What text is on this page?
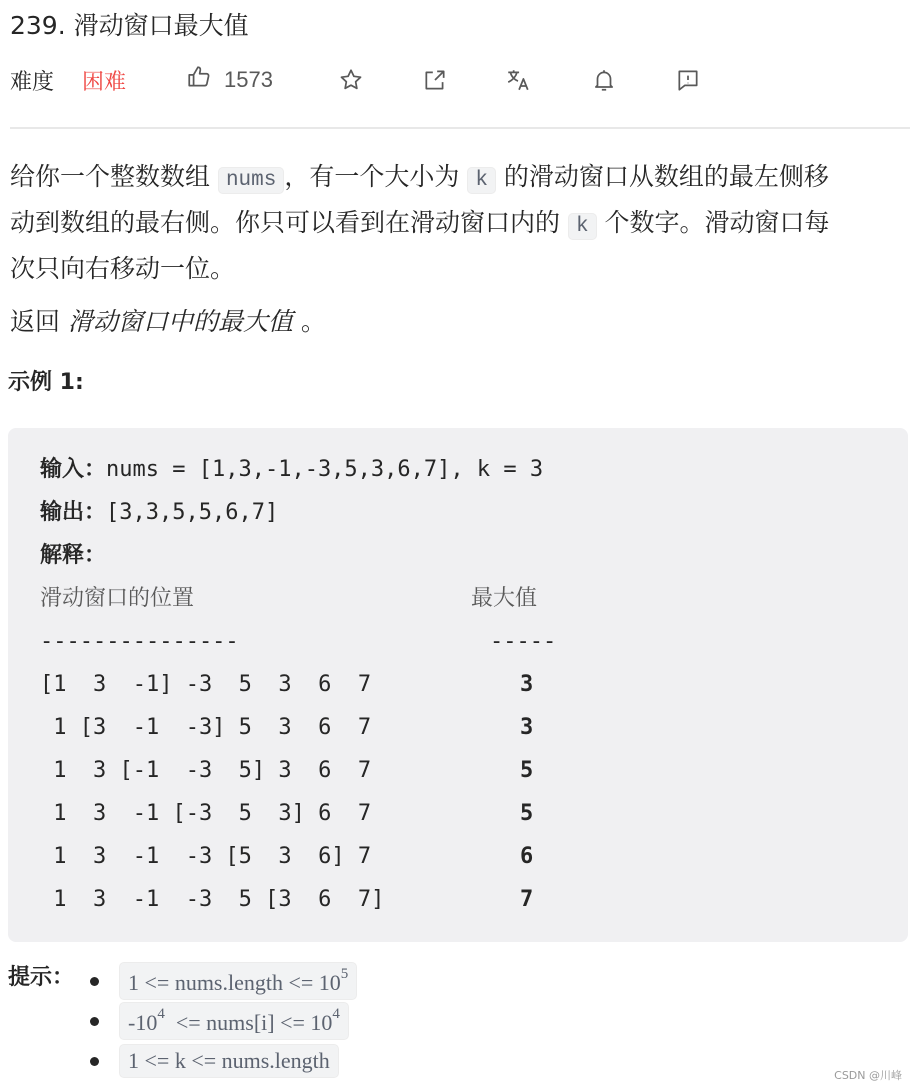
239. 滑动窗口最大值
难度 困难	1573
给你一个整数数组 nums ，有一个大小为 k 的滑动窗口从数组的最左侧移
动到数组的最右侧。你只可以看到在滑动窗口内的 k 个数字。滑动窗口每
次只向右移动一位。
返回 滑动窗口中的最大值 。
示例 1:
输入：nums = [1,3,-1,-3,5,3,6,7], k = 3
输出：[3,3,5,5,6,7]
解释：
滑动窗口的位置	最大值
---------------	-----
[1  3  -1] -3  5  3  6  7	3
1 [3  -1  -3] 5  3  6  7	3
1  3 [-1  -3  5] 3  6  7	5
1  3  -1 [-3  5  3] 6  7	5
1  3  -1  -3 [5  3  6] 7	6
1  3  -1  -3  5 [3  6  7]	7
提示：	1 <= nums.length <= $10^5$
$-10^4$  <= nums[i] <= $10^4$
1 <= k <= nums.length
CSDN @川峰
